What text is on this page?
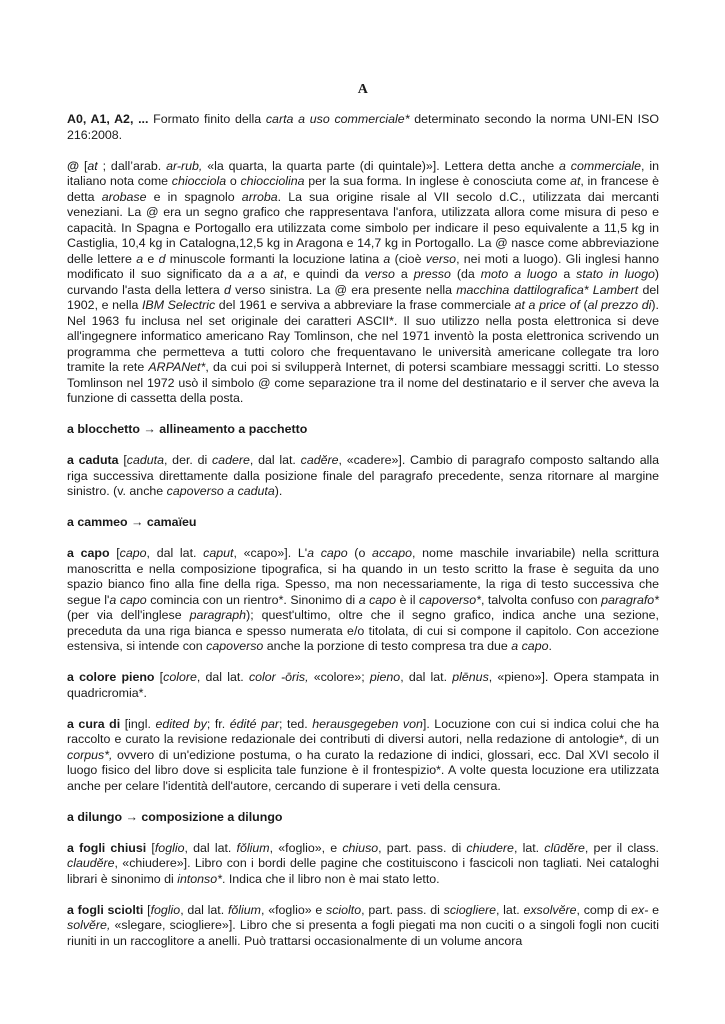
A

A0, A1, A2, ... Formato finito della carta a uso commerciale* determinato secondo la norma UNI-EN ISO 216:2008.

@ [at ; dall’arab. ar-rub, «la quarta, la quarta parte (di quintale)»]. Lettera detta anche a commerciale, in italiano nota come chiocciola o chiocciolina per la sua forma. In inglese è conosciuta come at, in francese è detta arobase e in spagnolo arroba. La sua origine risale al VII secolo d.C., utilizzata dai mercanti veneziani. La @ era un segno grafico che rappresentava l'anfora, utilizzata allora come misura di peso e capacità. In Spagna e Portogallo era utilizzata come simbolo per indicare il peso equivalente a 11,5 kg in Castiglia, 10,4 kg in Catalogna,12,5 kg in Aragona e 14,7 kg in Portogallo. La @ nasce come abbreviazione delle lettere a e d minuscole formanti la locuzione latina a (cioè verso, nei moti a luogo). Gli inglesi hanno modificato il suo significato da a a at, e quindi da verso a presso (da moto a luogo a stato in luogo) curvando l'asta della lettera d verso sinistra. La @ era presente nella macchina dattilografica* Lambert del 1902, e nella IBM Selectric del 1961 e serviva a abbreviare la frase commerciale at a price of (al prezzo di). Nel 1963 fu inclusa nel set originale dei caratteri ASCII*. Il suo utilizzo nella posta elettronica si deve all'ingegnere informatico americano Ray Tomlinson, che nel 1971 inventò la posta elettronica scrivendo un programma che permetteva a tutti coloro che frequentavano le università americane collegate tra loro tramite la rete ARPANet*, da cui poi si svilupperà Internet, di potersi scambiare messaggi scritti. Lo stesso Tomlinson nel 1972 usò il simbolo @ come separazione tra il nome del destinatario e il server che aveva la funzione di cassetta della posta.

a blocchetto → allineamento a pacchetto

a caduta [caduta, der. di cadere, dal lat. cadĕre, «cadere»]. Cambio di paragrafo composto saltando alla riga successiva direttamente dalla posizione finale del paragrafo precedente, senza ritornare al margine sinistro. (v. anche capoverso a caduta).

a cammeo → camaïeu

a capo [capo, dal lat. caput, «capo»]. L'a capo (o accapo, nome maschile invariabile) nella scrittura manoscritta e nella composizione tipografica, si ha quando in un testo scritto la frase è seguita da uno spazio bianco fino alla fine della riga. Spesso, ma non necessariamente, la riga di testo successiva che segue l'a capo comincia con un rientro*. Sinonimo di a capo è il capoverso*, talvolta confuso con paragrafo* (per via dell'inglese paragraph); quest'ultimo, oltre che il segno grafico, indica anche una sezione, preceduta da una riga bianca e spesso numerata e/o titolata, di cui si compone il capitolo. Con accezione estensiva, si intende con capoverso anche la porzione di testo compresa tra due a capo.

a colore pieno [colore, dal lat. color -ōris, «colore»; pieno, dal lat. plēnus, «pieno»]. Opera stampata in quadricromia*.

a cura di [ingl. edited by; fr. édité par; ted. herausgegeben von]. Locuzione con cui si indica colui che ha raccolto e curato la revisione redazionale dei contributi di diversi autori, nella redazione di antologie*, di un corpus*, ovvero di un'edizione postuma, o ha curato la redazione di indici, glossari, ecc. Dal XVI secolo il luogo fisico del libro dove si esplicita tale funzione è il frontespizio*. A volte questa locuzione era utilizzata anche per celare l'identità dell'autore, cercando di superare i veti della censura.

a dilungo → composizione a dilungo

a fogli chiusi [foglio, dal lat. fŏlium, «foglio», e chiuso, part. pass. di chiudere, lat. clūdĕre, per il class. claudĕre, «chiudere»]. Libro con i bordi delle pagine che costituiscono i fascicoli non tagliati. Nei cataloghi librari è sinonimo di intonso*. Indica che il libro non è mai stato letto.

a fogli sciolti [foglio, dal lat. fŏlium, «foglio» e sciolto, part. pass. di sciogliere, lat. exsolvĕre, comp di ex- e solvĕre, «slegare, sciogliere»]. Libro che si presenta a fogli piegati ma non cuciti o a singoli fogli non cuciti riuniti in un raccoglitore a anelli. Può trattarsi occasionalmente di un volume ancora
